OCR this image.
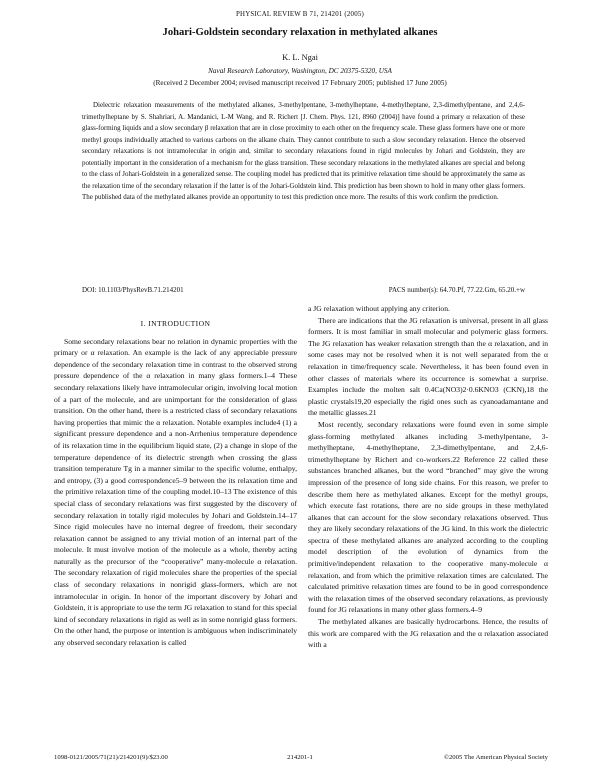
PHYSICAL REVIEW B 71, 214201 (2005)
Johari-Goldstein secondary relaxation in methylated alkanes
K. L. Ngai
Naval Research Laboratory, Washington, DC 20375-5320, USA
(Received 2 December 2004; revised manuscript received 17 February 2005; published 17 June 2005)
Dielectric relaxation measurements of the methylated alkanes, 3-methylpentane, 3-methylheptane, 4-methylheptane, 2,3-dimethylpentane, and 2,4,6-trimethylheptane by S. Shahriari, A. Mandanici, L-M Wang, and R. Richert [J. Chem. Phys. 121, 8960 (2004)] have found a primary α relaxation of these glass-forming liquids and a slow secondary β relaxation that are in close proximity to each other on the frequency scale. These glass formers have one or more methyl groups individually attached to various carbons on the alkane chain. They cannot contribute to such a slow secondary relaxation. Hence the observed secondary relaxations is not intramolecular in origin and, similar to secondary relaxations found in rigid molecules by Johari and Goldstein, they are potentially important in the consideration of a mechanism for the glass transition. These secondary relaxations in the methylated alkanes are special and belong to the class of Johari-Goldstein in a generalized sense. The coupling model has predicted that its primitive relaxation time should be approximately the same as the relaxation time of the secondary relaxation if the latter is of the Johari-Goldstein kind. This prediction has been shown to hold in many other glass formers. The published data of the methylated alkanes provide an opportunity to test this prediction once more. The results of this work confirm the prediction.
DOI: 10.1103/PhysRevB.71.214201	PACS number(s): 64.70.Pf, 77.22.Gm, 65.20.+w
I. INTRODUCTION

Some secondary relaxations bear no relation in dynamic properties with the primary or α relaxation. An example is the lack of any appreciable pressure dependence of the secondary relaxation time in contrast to the observed strong pressure dependence of the α relaxation in many glass formers.1–4 These secondary relaxations likely have intramolecular origin, involving local motion of a part of the molecule, and are unimportant for the consideration of glass transition. On the other hand, there is a restricted class of secondary relaxations having properties that mimic the α relaxation. Notable examples include4 (1) a significant pressure dependence and a non-Arrhenius temperature dependence of its relaxation time in the equilibrium liquid state, (2) a change in slope of the temperature dependence of its dielectric strength when crossing the glass transition temperature Tg in a manner similar to the specific volume, enthalpy, and entropy, (3) a good correspondence5–9 between the its relaxation time and the primitive relaxation time of the coupling model.10–13 The existence of this special class of secondary relaxations was first suggested by the discovery of secondary relaxation in totally rigid molecules by Johari and Goldstein.14–17 Since rigid molecules have no internal degree of freedom, their secondary relaxation cannot be assigned to any trivial motion of an internal part of the molecule. It must involve motion of the molecule as a whole, thereby acting naturally as the precursor of the “cooperative” many-molecule α relaxation. The secondary relaxation of rigid molecules share the properties of the special class of secondary relaxations in nonrigid glass-formers, which are not intramolecular in origin. In honor of the important discovery by Johari and Goldstein, it is appropriate to use the term JG relaxation to stand for this special kind of secondary relaxations in rigid as well as in some nonrigid glass formers. On the other hand, the purpose or intention is ambiguous when indiscriminately any observed secondary relaxation is called

a JG relaxation without applying any criterion.

There are indications that the JG relaxation is universal, present in all glass formers. It is most familiar in small molecular and polymeric glass formers. The JG relaxation has weaker relaxation strength than the α relaxation, and in some cases may not be resolved when it is not well separated from the α relaxation in time/frequency scale. Nevertheless, it has been found even in other classes of materials where its occurrence is somewhat a surprise. Examples include the molten salt 0.4Ca(NO3)2·0.6KNO3 (CKN),18 the plastic crystals19,20 especially the rigid ones such as cyanoadamantane and the metallic glasses.21

Most recently, secondary relaxations were found even in some simple glass-forming methylated alkanes including 3-methylpentane, 3-methylheptane, 4-methylheptane, 2,3-dimethylpentane, and 2,4,6-trimethylheptane by Richert and co-workers.22 Reference 22 called these substances branched alkanes, but the word “branched” may give the wrong impression of the presence of long side chains. For this reason, we prefer to describe them here as methylated alkanes. Except for the methyl groups, which execute fast rotations, there are no side groups in these methylated alkanes that can account for the slow secondary relaxations observed. Thus they are likely secondary relaxations of the JG kind. In this work the dielectric spectra of these methylated alkanes are analyzed according to the coupling model description of the evolution of dynamics from the primitive/independent relaxation to the cooperative many-molecule α relaxation, and from which the primitive relaxation times are calculated. The calculated primitive relaxation times are found to be in good correspondence with the relaxation times of the observed secondary relaxations, as previously found for JG relaxations in many other glass formers.4–9

The methylated alkanes are basically hydrocarbons. Hence, the results of this work are compared with the JG relaxation and the α relaxation associated with a

1098-0121/2005/71(21)/214201(9)/$23.00	214201-1	©2005 The American Physical Society
